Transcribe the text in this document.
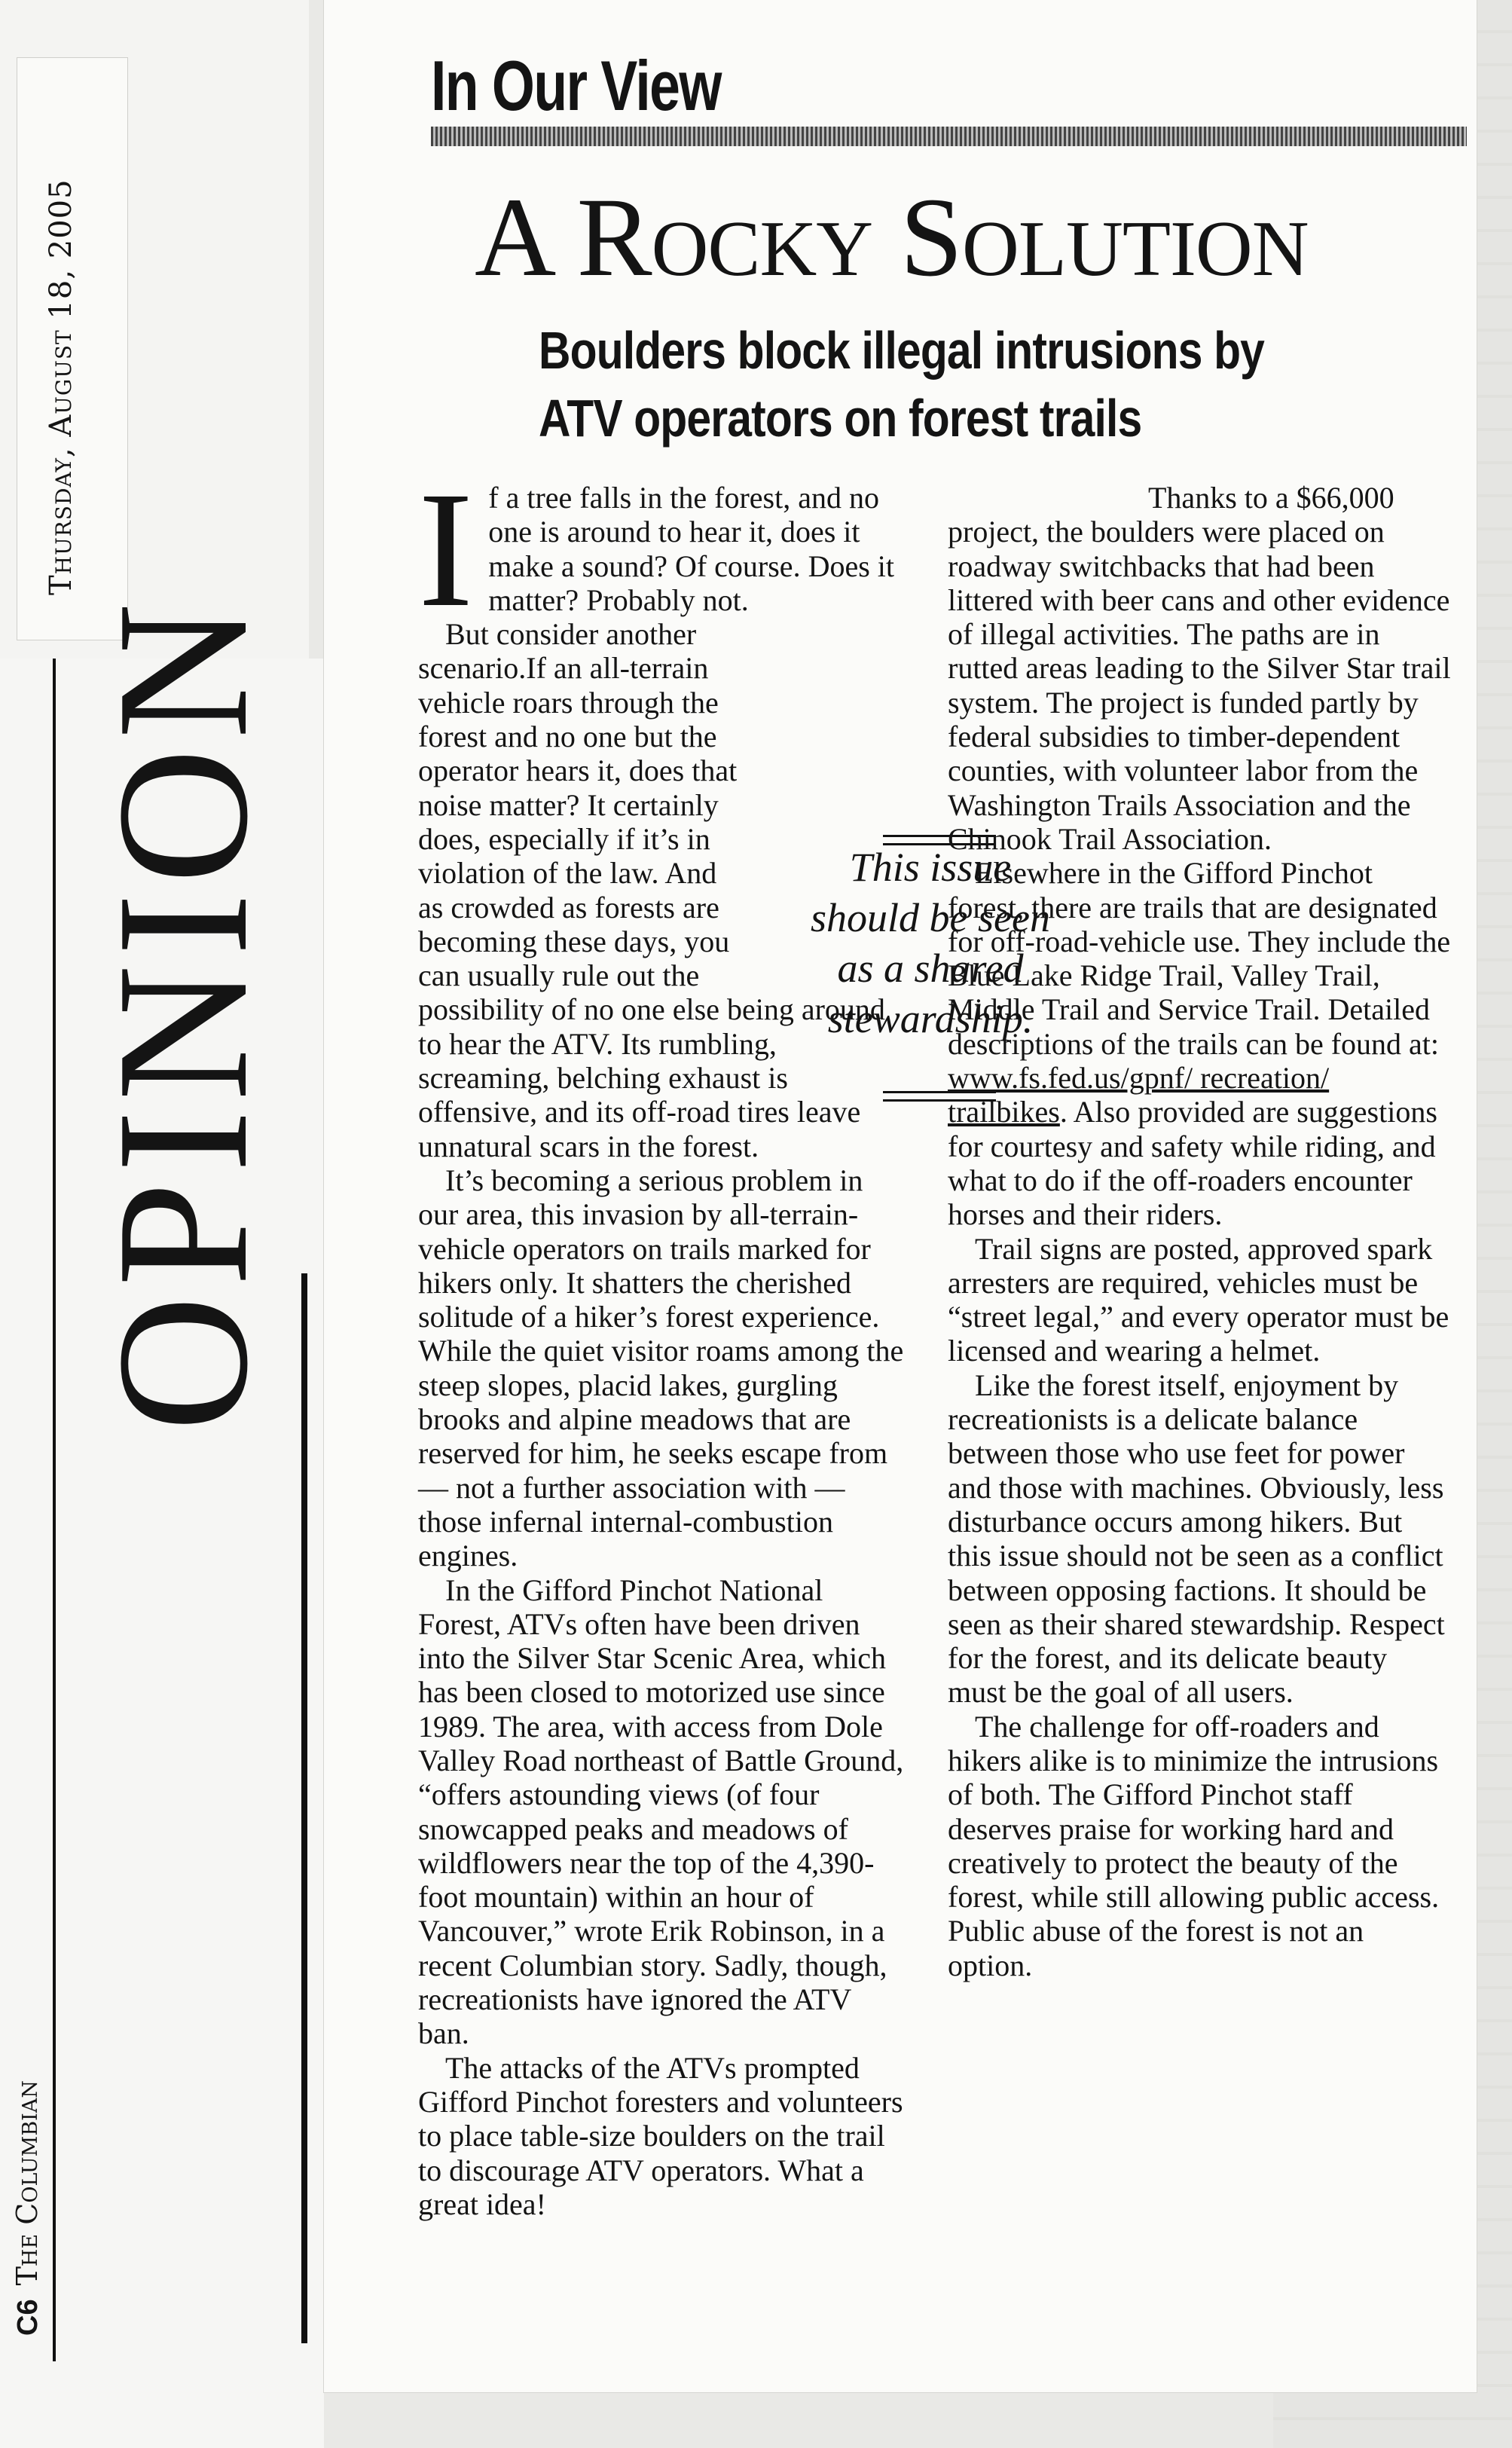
Thursday, August 18, 2005
OPINION
C6The Columbian
In Our View
A Rocky Solution
Boulders block illegal intrusions by ATV operators on forest trails

If a tree falls in the forest, and no one is around to hear it, does it make a sound? Of course. Does it matter? Probably not.

But consider another scenario.If an all-terrain vehicle roars through the forest and no one but the operator hears it, does that noise matter? It certainly does, especially if it’s in violation of the law. And as crowded as forests are becoming these days, you can usually rule out the possibility of no one else being around to hear the ATV. Its rumbling, screaming, belching exhaust is offensive, and its off-road tires leave unnatural scars in the forest.

It’s becoming a serious problem in our area, this invasion by all-terrain-vehicle operators on trails marked for hikers only. It shatters the cherished solitude of a hiker’s forest experience. While the quiet visitor roams among the steep slopes, placid lakes, gurgling brooks and alpine meadows that are reserved for him, he seeks escape from — not a further association with — those infernal internal-combustion engines.

In the Gifford Pinchot National Forest, ATVs often have been driven into the Silver Star Scenic Area, which has been closed to motorized use since 1989. The area, with access from Dole Valley Road northeast of Battle Ground, “offers astounding views (of four snowcapped peaks and meadows of wildflowers near the top of the 4,390-foot mountain) within an hour of Vancouver,” wrote Erik Robinson, in a recent Columbian story. Sadly, though, recreationists have ignored the ATV ban.

The attacks of the ATVs prompted Gifford Pinchot foresters and volunteers to place table-size boulders on the trail to discourage ATV operators. What a great idea!

This issue should be seen as a shared stewardship.

Thanks to a $66,000 project, the boulders were placed on roadway switchbacks that had been littered with beer cans and other evidence of illegal activities. The paths are in rutted areas leading to the Silver Star trail system. The project is funded partly by federal subsidies to timber-dependent counties, with volunteer labor from the Washington Trails Association and the Chinook Trail Association.

Elsewhere in the Gifford Pinchot forest, there are trails that are designated for off-road-vehicle use. They include the Blue Lake Ridge Trail, Valley Trail, Middle Trail and Service Trail. Detailed descriptions of the trails can be found at: www.fs.fed.us/gpnf/ recreation/ trailbikes. Also provided are suggestions for courtesy and safety while riding, and what to do if the off-roaders encounter horses and their riders.

Trail signs are posted, approved spark arresters are required, vehicles must be “street legal,” and every operator must be licensed and wearing a helmet.

Like the forest itself, enjoyment by recreationists is a delicate balance between those who use feet for power and those with machines. Obviously, less disturbance occurs among hikers. But this issue should not be seen as a conflict between opposing factions. It should be seen as their shared stewardship. Respect for the forest, and its delicate beauty must be the goal of all users.

The challenge for off-roaders and hikers alike is to minimize the intrusions of both. The Gifford Pinchot staff deserves praise for working hard and creatively to protect the beauty of the forest, while still allowing public access. Public abuse of the forest is not an option.
